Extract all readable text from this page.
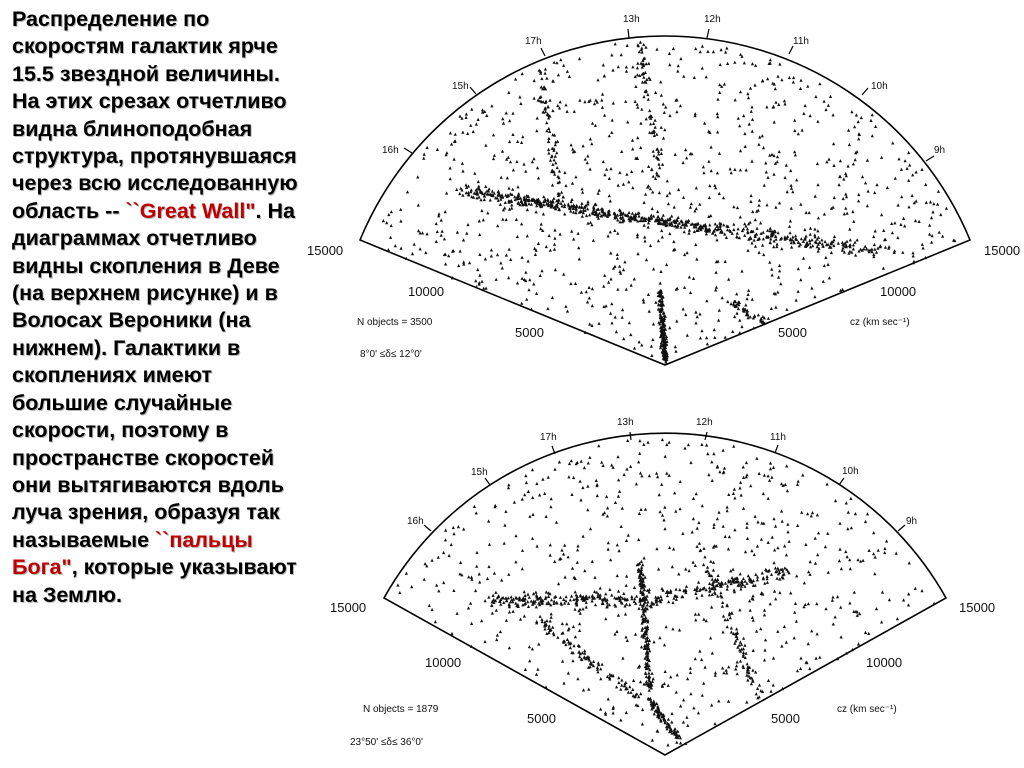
Распределение по скоростям галактик ярче 15.5 звездной величины. На этих срезах отчетливо видна блиноподобная структура, протянувшаяся через всю исследованную область -- ``Great Wall". На диаграммах отчетливо видны скопления в Деве (на верхнем рисунке) и в Волосах Вероники (на нижнем). Галактики в скоплениях имеют большие случайные скорости, поэтому в пространстве скоростей они вытягиваются вдоль луча зрения, образуя так называемые ``пальцы Бога", которые указывают на Землю.
13h	12h
17h	11h
15h	10h
16h	9h
15000
10000
5000
15000
10000
5000
N objects = 3500
8°0' ≤δ≤ 12°0'
cz (km sec⁻¹)
13h	12h
17h	11h
15h	10h
16h	9h
15000
10000
5000
15000
10000
5000
N objects = 1879
23°50' ≤δ≤ 36°0'
cz (km sec⁻¹)
